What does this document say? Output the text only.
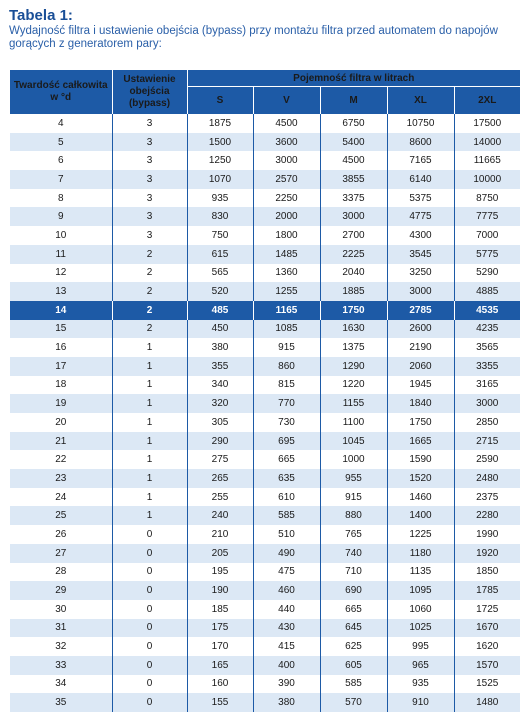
Tabela 1:
Wydajność filtra i ustawienie obejścia (bypass) przy montażu filtra przed automatem do napojów gorących z generatorem pary:
Twardość całkowita w °d	Ustawienie obejścia (bypass)	Pojemność filtra w litrach				
		S	V	M	XL	2XL
4	3	1875	4500	6750	10750	17500
5	3	1500	3600	5400	8600	14000
6	3	1250	3000	4500	7165	11665
7	3	1070	2570	3855	6140	10000
8	3	935	2250	3375	5375	8750
9	3	830	2000	3000	4775	7775
10	3	750	1800	2700	4300	7000
11	2	615	1485	2225	3545	5775
12	2	565	1360	2040	3250	5290
13	2	520	1255	1885	3000	4885
14	2	485	1165	1750	2785	4535
15	2	450	1085	1630	2600	4235
16	1	380	915	1375	2190	3565
17	1	355	860	1290	2060	3355
18	1	340	815	1220	1945	3165
19	1	320	770	1155	1840	3000
20	1	305	730	1100	1750	2850
21	1	290	695	1045	1665	2715
22	1	275	665	1000	1590	2590
23	1	265	635	955	1520	2480
24	1	255	610	915	1460	2375
25	1	240	585	880	1400	2280
26	0	210	510	765	1225	1990
27	0	205	490	740	1180	1920
28	0	195	475	710	1135	1850
29	0	190	460	690	1095	1785
30	0	185	440	665	1060	1725
31	0	175	430	645	1025	1670
32	0	170	415	625	995	1620
33	0	165	400	605	965	1570
34	0	160	390	585	935	1525
35	0	155	380	570	910	1480
